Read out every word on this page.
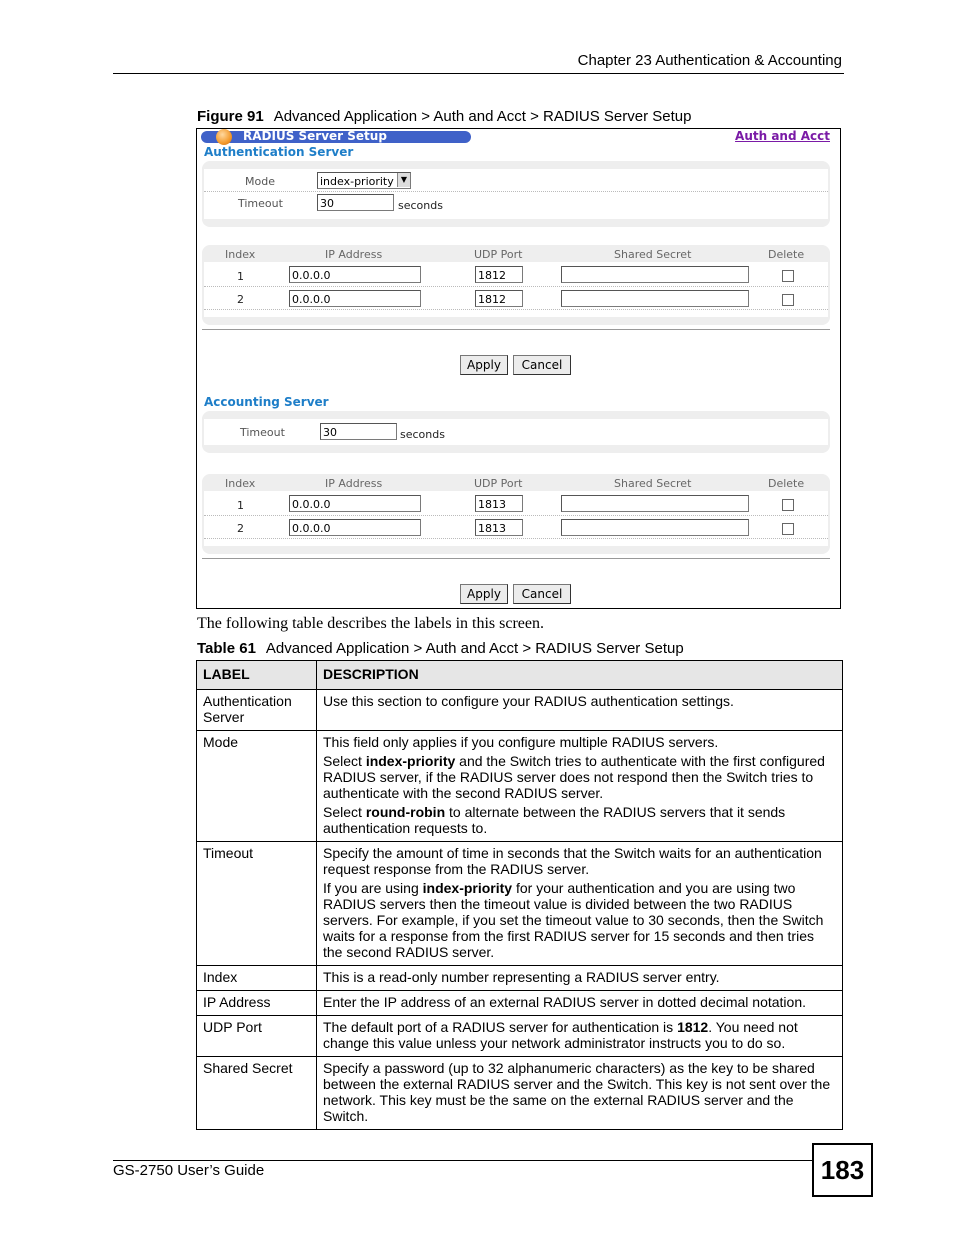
Chapter 23 Authentication & Accounting
Figure 91 Advanced Application > Auth and Acct > RADIUS Server Setup
RADIUS Server Setup	Auth and Acct
Authentication Server
Mode	index-priority ▼
Timeout	30	seconds
Index	IP Address	UDP Port	Shared Secret	Delete
1	0.0.0.0	1812
2	0.0.0.0	1812
Apply	Cancel
Accounting Server
Timeout	30	seconds
Index	IP Address	UDP Port	Shared Secret	Delete
1	0.0.0.0	1813
2	0.0.0.0	1813
Apply	Cancel
The following table describes the labels in this screen.
Table 61 Advanced Application > Auth and Acct > RADIUS Server Setup
LABEL	DESCRIPTION
Authentication Server	Use this section to configure your RADIUS authentication settings.
Mode	This field only applies if you configure multiple RADIUS servers.

Select index-priority and the Switch tries to authenticate with the first configured RADIUS server, if the RADIUS server does not respond then the Switch tries to authenticate with the second RADIUS server.

Select round-robin to alternate between the RADIUS servers that it sends authentication requests to.

Timeout	Specify the amount of time in seconds that the Switch waits for an authentication request response from the RADIUS server.

If you are using index-priority for your authentication and you are using two RADIUS servers then the timeout value is divided between the two RADIUS servers. For example, if you set the timeout value to 30 seconds, then the Switch waits for a response from the first RADIUS server for 15 seconds and then tries the second RADIUS server.

Index	This is a read-only number representing a RADIUS server entry.
IP Address	Enter the IP address of an external RADIUS server in dotted decimal notation.
UDP Port	The default port of a RADIUS server for authentication is 1812. You need not change this value unless your network administrator instructs you to do so.
Shared Secret	Specify a password (up to 32 alphanumeric characters) as the key to be shared between the external RADIUS server and the Switch. This key is not sent over the network. This key must be the same on the external RADIUS server and the Switch.
GS-2750 User’s Guide	183
